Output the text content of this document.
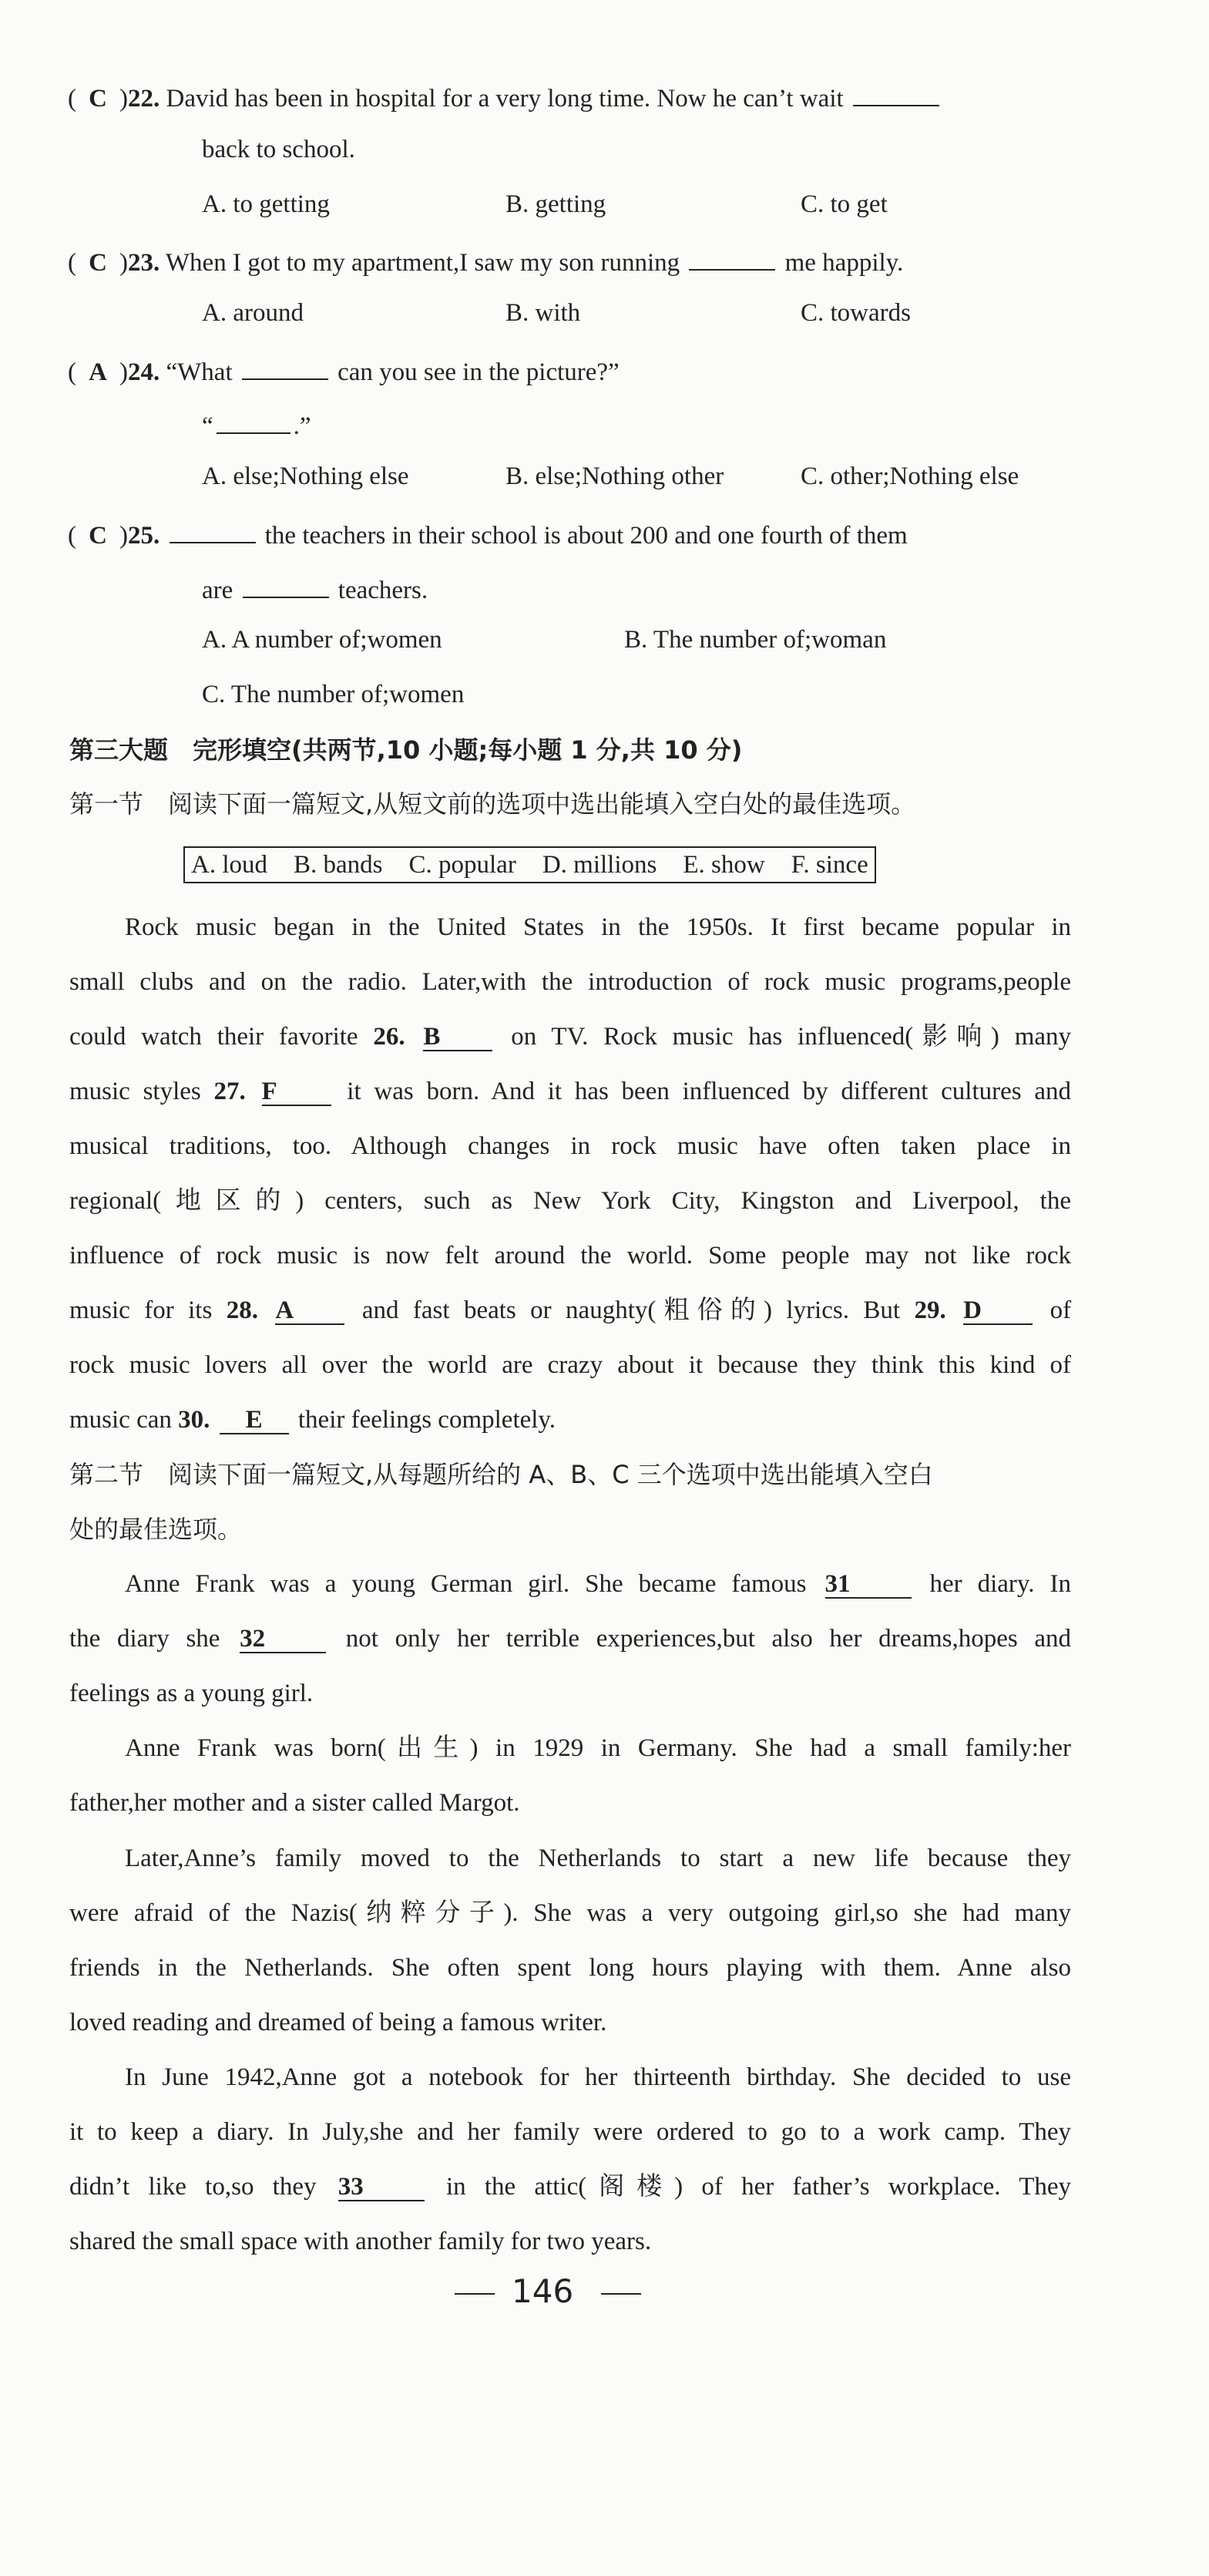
( C )22. David has been in hospital for a very long time. Now he can’t wait
back to school.
A. to getting	B. getting	C. to get
( C )23. When I got to my apartment,I saw my son running	me happily.
A. around	B. with	C. towards
( A )24. “What	can you see in the picture?”
“	.”
A. else;Nothing else	B. else;Nothing other	C. other;Nothing else
( C )25.	the teachers in their school is about 200 and one fourth of them
are	teachers.
A. A number of;women	B. The number of;woman
C. The number of;women
第三大题　完形填空(共两节,10 小题;每小题 1 分,共 10 分)
第一节　阅读下面一篇短文,从短文前的选项中选出能填入空白处的最佳选项。
A. loud B. bands C. popular D. millions E. show F. since
Rock music began in the United States in the 1950s. It first became popular in
small clubs and on the radio. Later,with the introduction of rock music programs,people
could watch their favorite 26. B	on TV. Rock music has influenced(影响) many
music styles 27. F	it was born. And it has been influenced by different cultures and
musical traditions, too. Although changes in rock music have often taken place in
regional(地区的) centers, such as New York City, Kingston and Liverpool, the
influence of rock music is now felt around the world. Some people may not like rock
music for its 28. A	and fast beats or naughty(粗俗的) lyrics. But 29. D	of
rock music lovers all over the world are crazy about it because they think this kind of
music can 30. E their feelings completely.
第二节　阅读下面一篇短文,从每题所给的 A、B、C 三个选项中选出能填入空白
处的最佳选项。
Anne Frank was a young German girl. She became famous 31	her diary. In
the diary she 32	not only her terrible experiences,but also her dreams,hopes and
feelings as a young girl.
Anne Frank was born(出生) in 1929 in Germany. She had a small family:her
father,her mother and a sister called Margot.
Later,Anne’s family moved to the Netherlands to start a new life because they
were afraid of the Nazis(纳粹分子). She was a very outgoing girl,so she had many
friends in the Netherlands. She often spent long hours playing with them. Anne also
loved reading and dreamed of being a famous writer.
In June 1942,Anne got a notebook for her thirteenth birthday. She decided to use
it to keep a diary. In July,she and her family were ordered to go to a work camp. They
didn’t like to,so they 33	in the attic(阁楼) of her father’s workplace. They
shared the small space with another family for two years.
146
